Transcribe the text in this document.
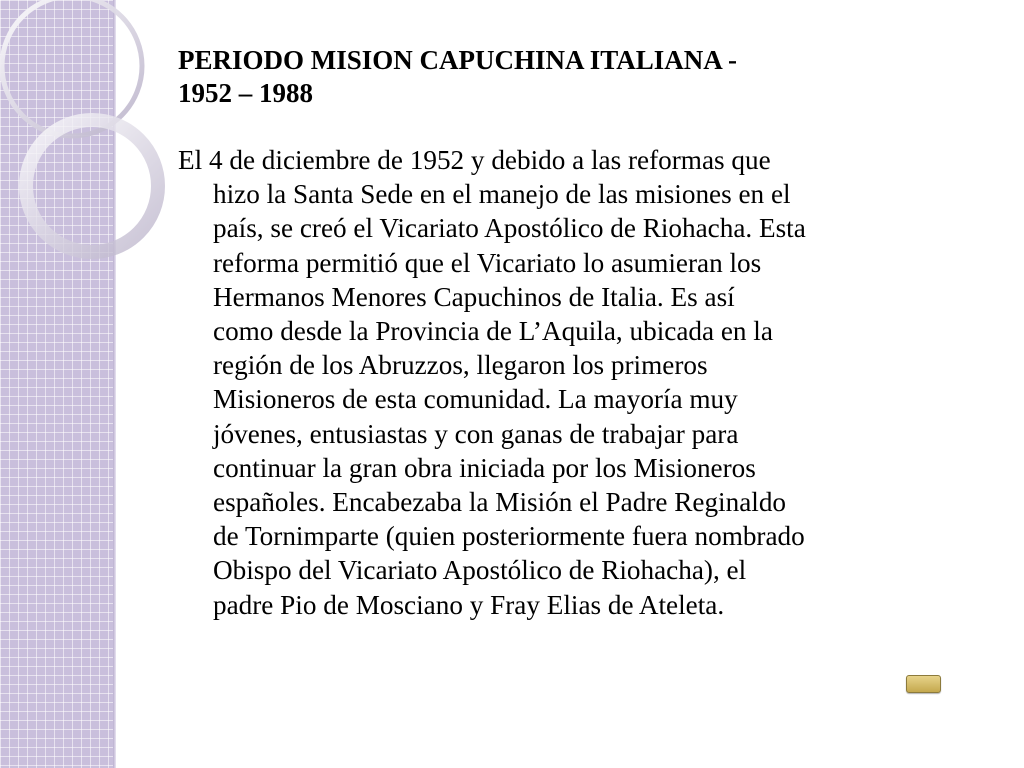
PERIODO MISION CAPUCHINA ITALIANA -
1952 – 1988

El 4 de diciembre de 1952 y debido a las reformas que
hizo la Santa Sede en el manejo de las misiones en el
país, se creó el Vicariato Apostólico de Riohacha. Esta
reforma permitió que el Vicariato lo asumieran los
Hermanos Menores Capuchinos de Italia. Es así
como desde la Provincia de L’Aquila, ubicada en la
región de los Abruzzos, llegaron los primeros
Misioneros de esta comunidad. La mayoría muy
jóvenes, entusiastas y con ganas de trabajar para
continuar la gran obra iniciada por los Misioneros
españoles. Encabezaba la Misión el Padre Reginaldo
de Tornimparte (quien posteriormente fuera nombrado
Obispo del Vicariato Apostólico de Riohacha), el
padre Pio de Mosciano y Fray Elias de Ateleta.
